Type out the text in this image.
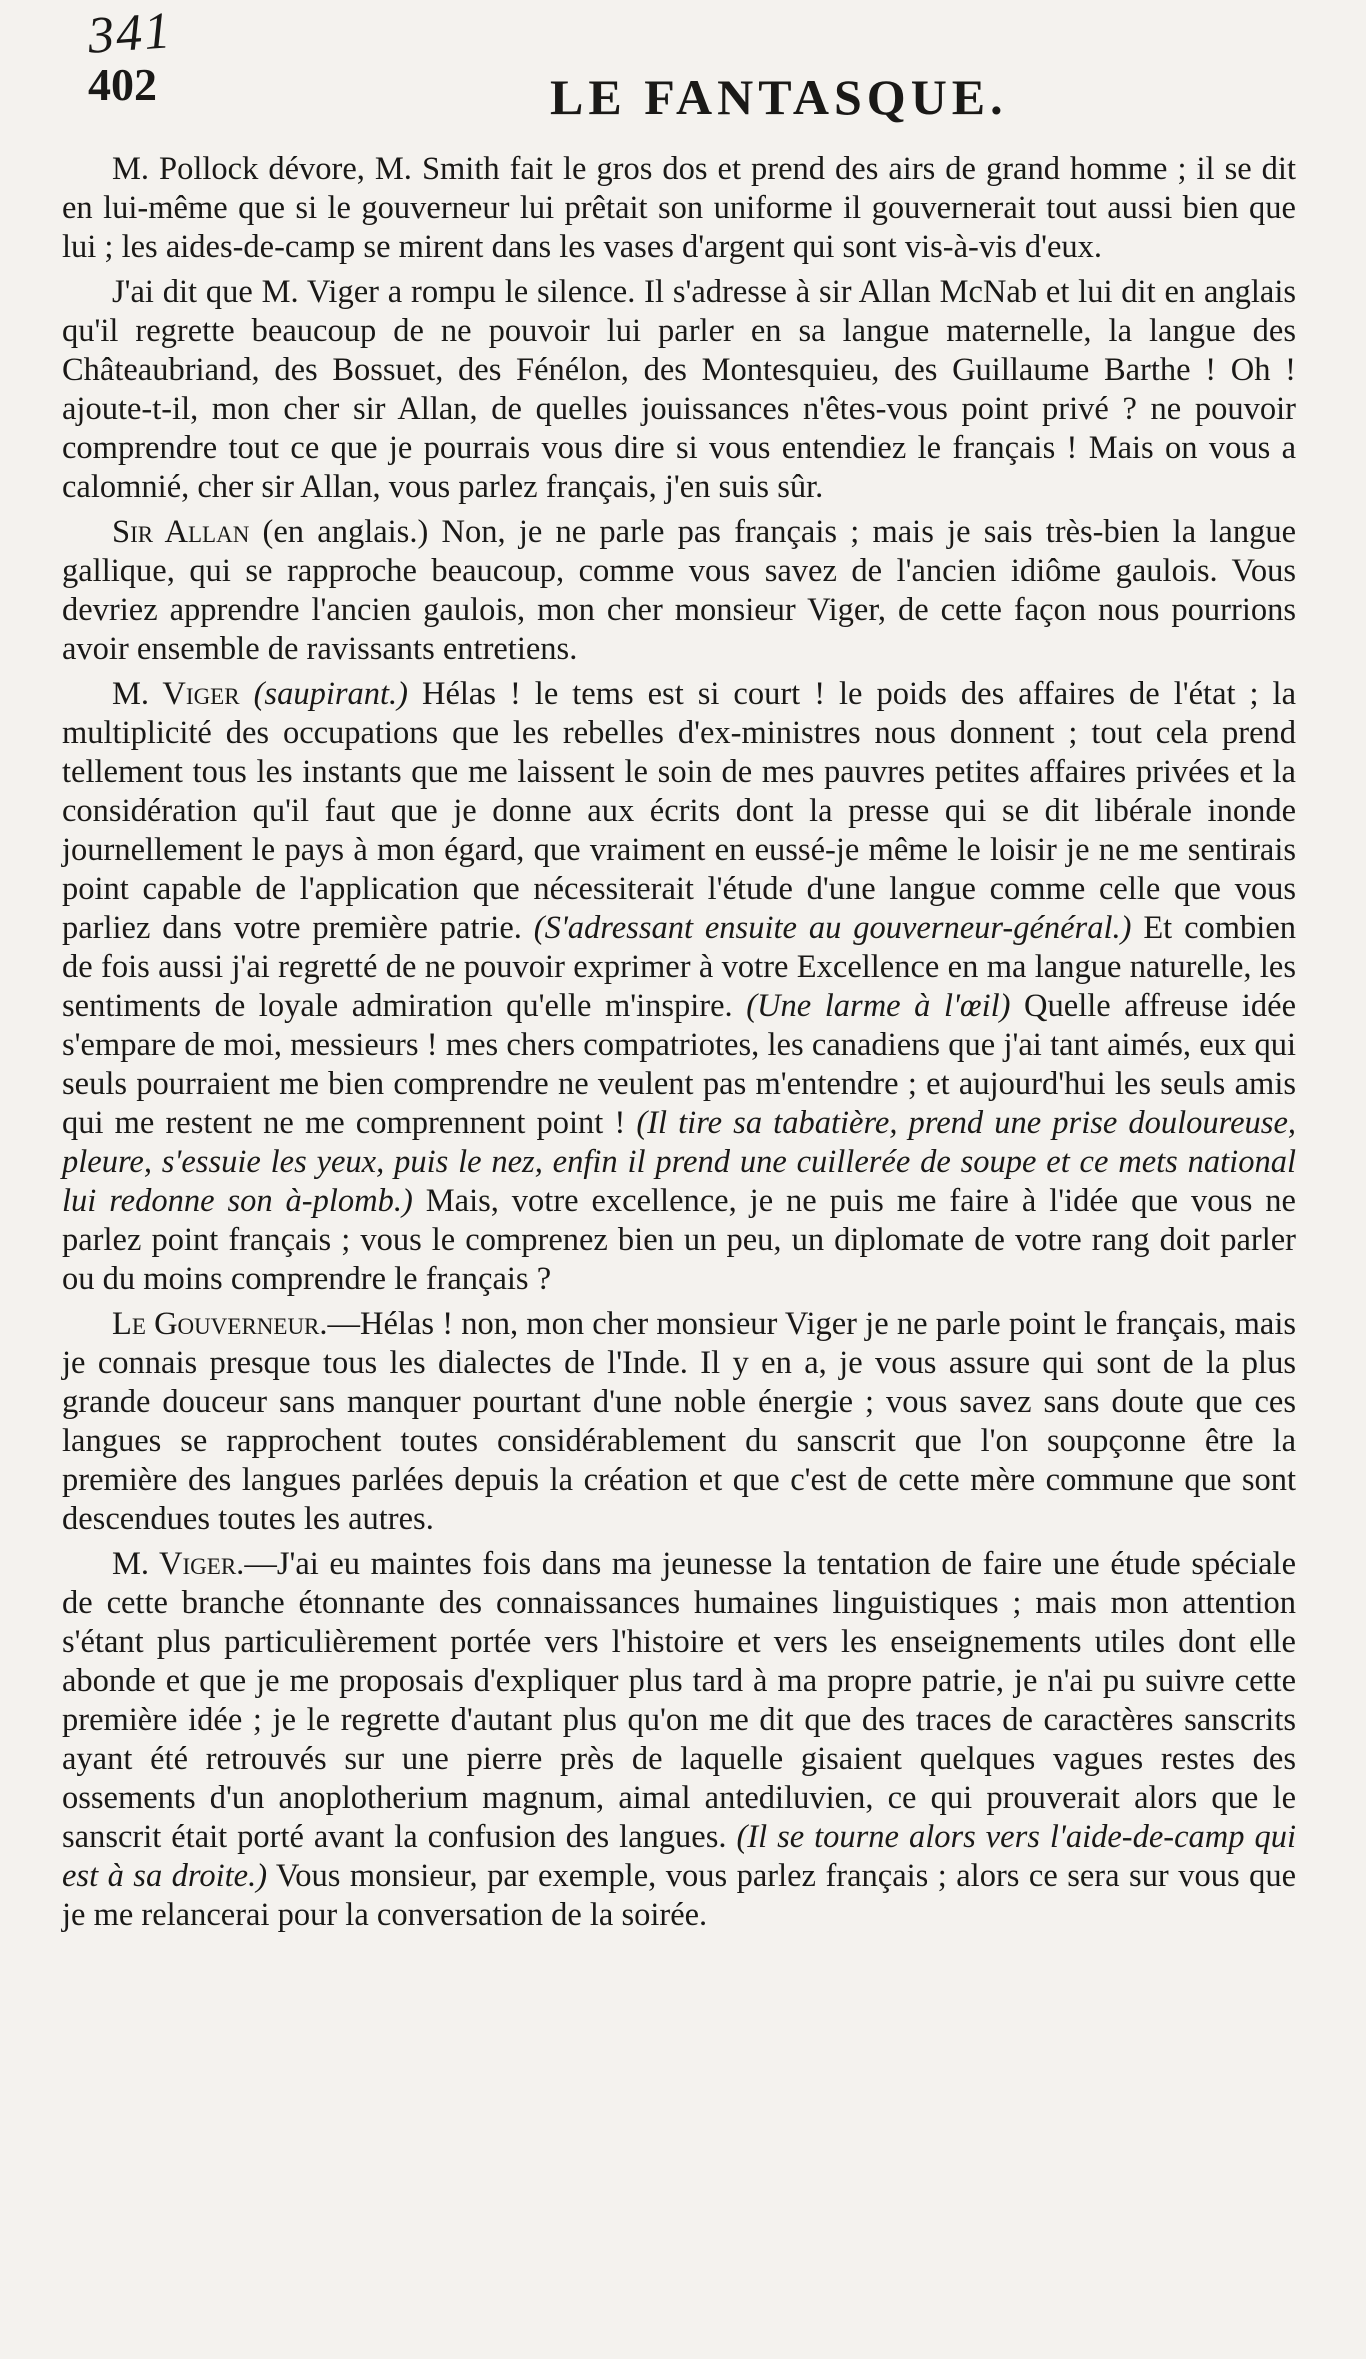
341
402	LE FANTASQUE.

M. Pollock dévore, M. Smith fait le gros dos et prend des airs de grand homme ; il se dit en lui-même que si le gouverneur lui prêtait son uniforme il gouvernerait tout aussi bien que lui ; les aides-de-camp se mirent dans les vases d'argent qui sont vis-à-vis d'eux.

J'ai dit que M. Viger a rompu le silence. Il s'adresse à sir Allan McNab et lui dit en anglais qu'il regrette beaucoup de ne pouvoir lui parler en sa langue maternelle, la langue des Châteaubriand, des Bossuet, des Fénélon, des Montesquieu, des Guillaume Barthe ! Oh ! ajoute-t-il, mon cher sir Allan, de quelles jouissances n'êtes-vous point privé ? ne pouvoir comprendre tout ce que je pourrais vous dire si vous entendiez le français ! Mais on vous a calomnié, cher sir Allan, vous parlez français, j'en suis sûr.

Sir Allan (en anglais.) Non, je ne parle pas français ; mais je sais très-bien la langue gallique, qui se rapproche beaucoup, comme vous savez de l'ancien idiôme gaulois. Vous devriez apprendre l'ancien gaulois, mon cher monsieur Viger, de cette façon nous pourrions avoir ensemble de ravissants entretiens.

M. Viger (saupirant.) Hélas ! le tems est si court ! le poids des affaires de l'état ; la multiplicité des occupations que les rebelles d'ex-ministres nous donnent ; tout cela prend tellement tous les instants que me laissent le soin de mes pauvres petites affaires privées et la considération qu'il faut que je donne aux écrits dont la presse qui se dit libérale inonde journellement le pays à mon égard, que vraiment en eussé-je même le loisir je ne me sentirais point capable de l'application que nécessiterait l'étude d'une langue comme celle que vous parliez dans votre première patrie. (S'adressant ensuite au gouverneur-général.) Et combien de fois aussi j'ai regretté de ne pouvoir exprimer à votre Excellence en ma langue naturelle, les sentiments de loyale admiration qu'elle m'inspire. (Une larme à l'œil) Quelle affreuse idée s'empare de moi, messieurs ! mes chers compatriotes, les canadiens que j'ai tant aimés, eux qui seuls pourraient me bien comprendre ne veulent pas m'entendre ; et aujourd'hui les seuls amis qui me restent ne me comprennent point ! (Il tire sa tabatière, prend une prise douloureuse, pleure, s'essuie les yeux, puis le nez, enfin il prend une cuillerée de soupe et ce mets national lui redonne son à-plomb.) Mais, votre excellence, je ne puis me faire à l'idée que vous ne parlez point français ; vous le comprenez bien un peu, un diplomate de votre rang doit parler ou du moins comprendre le français ?

Le Gouverneur.—Hélas ! non, mon cher monsieur Viger je ne parle point le français, mais je connais presque tous les dialectes de l'Inde. Il y en a, je vous assure qui sont de la plus grande douceur sans manquer pourtant d'une noble énergie ; vous savez sans doute que ces langues se rapprochent toutes considérablement du sanscrit que l'on soupçonne être la première des langues parlées depuis la création et que c'est de cette mère commune que sont descendues toutes les autres.

M. Viger.—J'ai eu maintes fois dans ma jeunesse la tentation de faire une étude spéciale de cette branche étonnante des connaissances humaines linguistiques ; mais mon attention s'étant plus particulièrement portée vers l'histoire et vers les enseignements utiles dont elle abonde et que je me proposais d'expliquer plus tard à ma propre patrie, je n'ai pu suivre cette première idée ; je le regrette d'autant plus qu'on me dit que des traces de caractères sanscrits ayant été retrouvés sur une pierre près de laquelle gisaient quelques vagues restes des ossements d'un anoplotherium magnum, aimal antediluvien, ce qui prouverait alors que le sanscrit était porté avant la confusion des langues. (Il se tourne alors vers l'aide-de-camp qui est à sa droite.) Vous monsieur, par exemple, vous parlez français ; alors ce sera sur vous que je me relancerai pour la conversation de la soirée.
